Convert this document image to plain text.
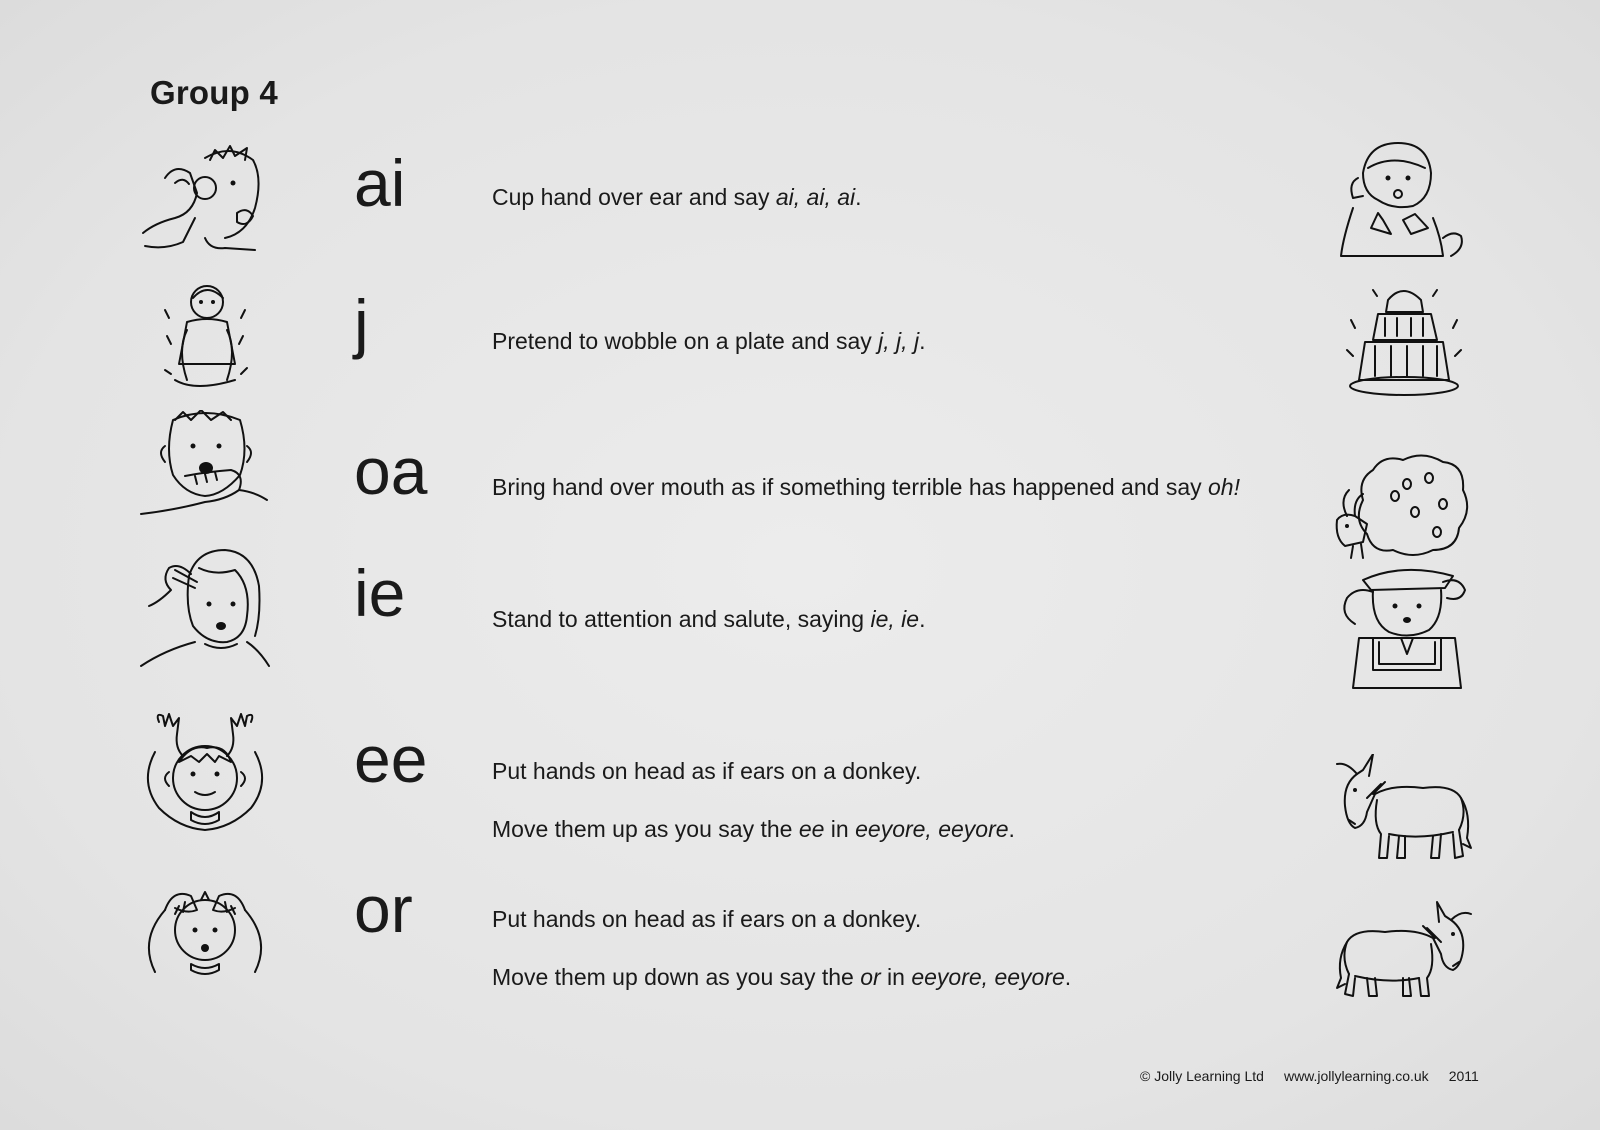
Group 4
ai	Cup hand over ear and say ai, ai, ai.
j	Pretend to wobble on a plate and say j, j, j.
oa	Bring hand over mouth as if something terrible has happened and say oh!
ie	Stand to attention and salute, saying ie, ie.
ee	Put hands on head as if ears on a donkey.
Move them up as you say the ee in eeyore, eeyore.
or	Put hands on head as if ears on a donkey.
Move them up down as you say the or in eeyore, eeyore.
© Jolly Learning Ltd www.jollylearning.co.uk 2011
